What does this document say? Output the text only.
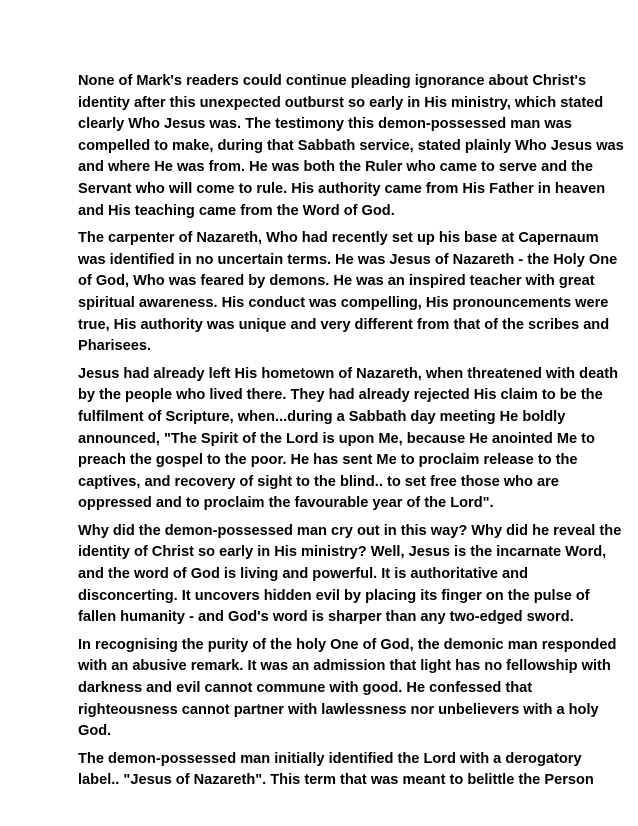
None of Mark's readers could continue pleading ignorance about Christ's
identity after this unexpected outburst so early in His ministry, which stated
clearly Who Jesus was. The testimony this demon-possessed man was
compelled to make, during that Sabbath service, stated plainly Who Jesus was
and where He was from. He was both the Ruler who came to serve and the
Servant who will come to rule. His authority came from His Father in heaven
and His teaching came from the Word of God.

The carpenter of Nazareth, Who had recently set up his base at Capernaum
was identified in no uncertain terms. He was Jesus of Nazareth - the Holy One
of God, Who was feared by demons. He was an inspired teacher with great
spiritual awareness. His conduct was compelling, His pronouncements were
true, His authority was unique and very different from that of the scribes and
Pharisees.

Jesus had already left His hometown of Nazareth, when threatened with death
by the people who lived there. They had already rejected His claim to be the
fulfilment of Scripture, when...during a Sabbath day meeting He boldly
announced, "The Spirit of the Lord is upon Me, because He anointed Me to
preach the gospel to the poor. He has sent Me to proclaim release to the
captives, and recovery of sight to the blind.. to set free those who are
oppressed and to proclaim the favourable year of the Lord".

Why did the demon-possessed man cry out in this way? Why did he reveal the
identity of Christ so early in His ministry? Well, Jesus is the incarnate Word,
and the word of God is living and powerful. It is authoritative and
disconcerting. It uncovers hidden evil by placing its finger on the pulse of
fallen humanity - and God's word is sharper than any two-edged sword.

In recognising the purity of the holy One of God, the demonic man responded
with an abusive remark. It was an admission that light has no fellowship with
darkness and evil cannot commune with good. He confessed that
righteousness cannot partner with lawlessness nor unbelievers with a holy
God.

The demon-possessed man initially identified the Lord with a derogatory
label.. "Jesus of Nazareth". This term that was meant to belittle the Person
